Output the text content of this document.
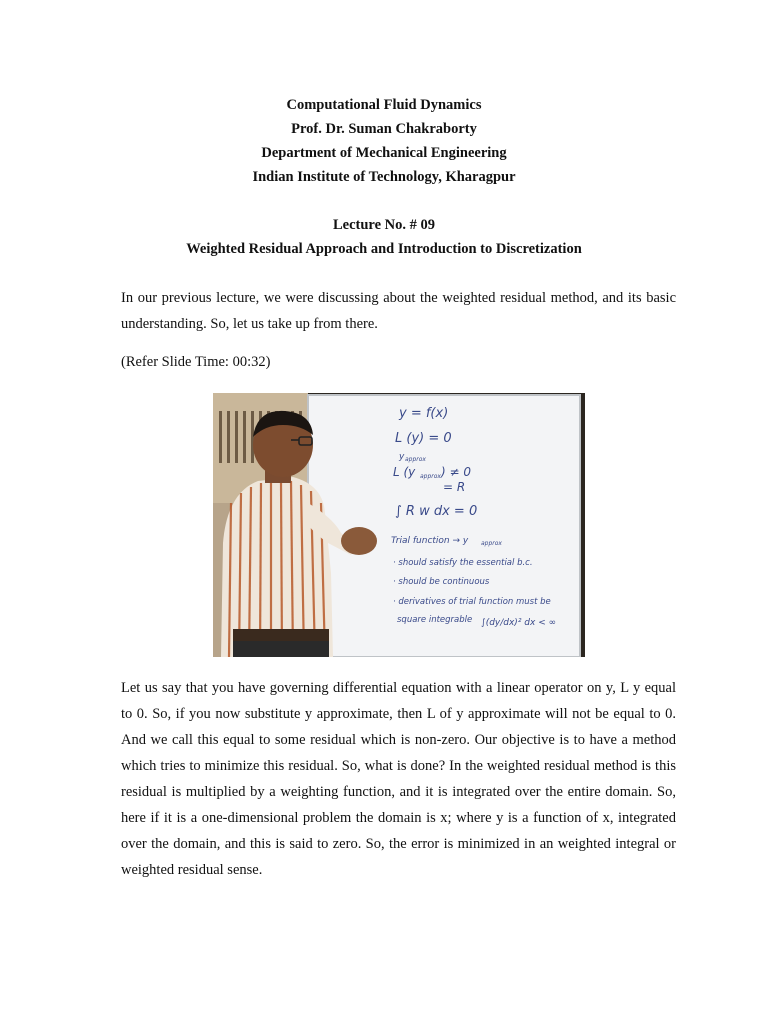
Computational Fluid Dynamics
Prof. Dr. Suman Chakraborty
Department of Mechanical Engineering
Indian Institute of Technology, Kharagpur
Lecture No. # 09
Weighted Residual Approach and Introduction to Discretization

In our previous lecture, we were discussing about the weighted residual method, and its basic understanding. So, let us take up from there.

(Refer Slide Time: 00:32)
y = f(x)
L (y) = 0
y approx
L (y approx ) ≠ 0
= R
∫ R w dx = 0
Trial function → y approx
· should satisfy the essential b.c.
· should be continuous
· derivatives of trial function must be
square integrable ∫(dy/dx)² dx < ∞

Let us say that you have governing differential equation with a linear operator on y, L y equal to 0. So, if you now substitute y approximate, then L of y approximate will not be equal to 0. And we call this equal to some residual which is non-zero. Our objective is to have a method which tries to minimize this residual. So, what is done? In the weighted residual method is this residual is multiplied by a weighting function, and it is integrated over the entire domain. So, here if it is a one-dimensional problem the domain is x; where y is a function of x, integrated over the domain, and this is said to zero. So, the error is minimized in an weighted integral or weighted residual sense.
